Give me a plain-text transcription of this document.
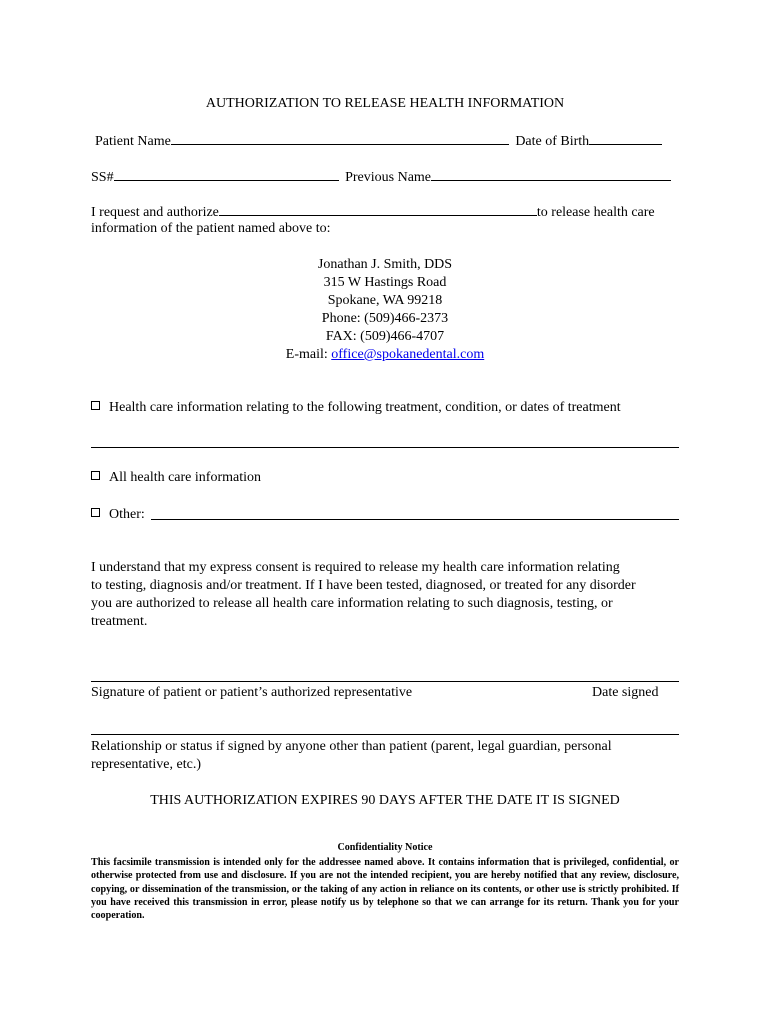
AUTHORIZATION TO RELEASE HEALTH INFORMATION
Patient Name	Date of Birth
SS#	Previous Name
I request and authorize	to release health care
information of the patient named above to:
Jonathan J. Smith, DDS
315 W Hastings Road
Spokane, WA 99218
Phone: (509)466-2373
FAX: (509)466-4707
E-mail: office@spokanedental.com
Health care information relating to the following treatment, condition, or dates of treatment
All health care information
Other:
I understand that my express consent is required to release my health care information relating
to testing, diagnosis and/or treatment. If I have been tested, diagnosed, or treated for any disorder
you are authorized to release all health care information relating to such diagnosis, testing, or
treatment.
Signature of patient or patient’s authorized representative	Date signed
Relationship or status if signed by anyone other than patient (parent, legal guardian, personal
representative, etc.)
THIS AUTHORIZATION EXPIRES 90 DAYS AFTER THE DATE IT IS SIGNED
Confidentiality Notice
This facsimile transmission is intended only for the addressee named above. It contains information that is privileged, confidential, or otherwise protected from use and disclosure. If you are not the intended recipient, you are hereby notified that any review, disclosure, copying, or dissemination of the transmission, or the taking of any action in reliance on its contents, or other use is strictly prohibited. If you have received this transmission in error, please notify us by telephone so that we can arrange for its return. Thank you for your cooperation.
